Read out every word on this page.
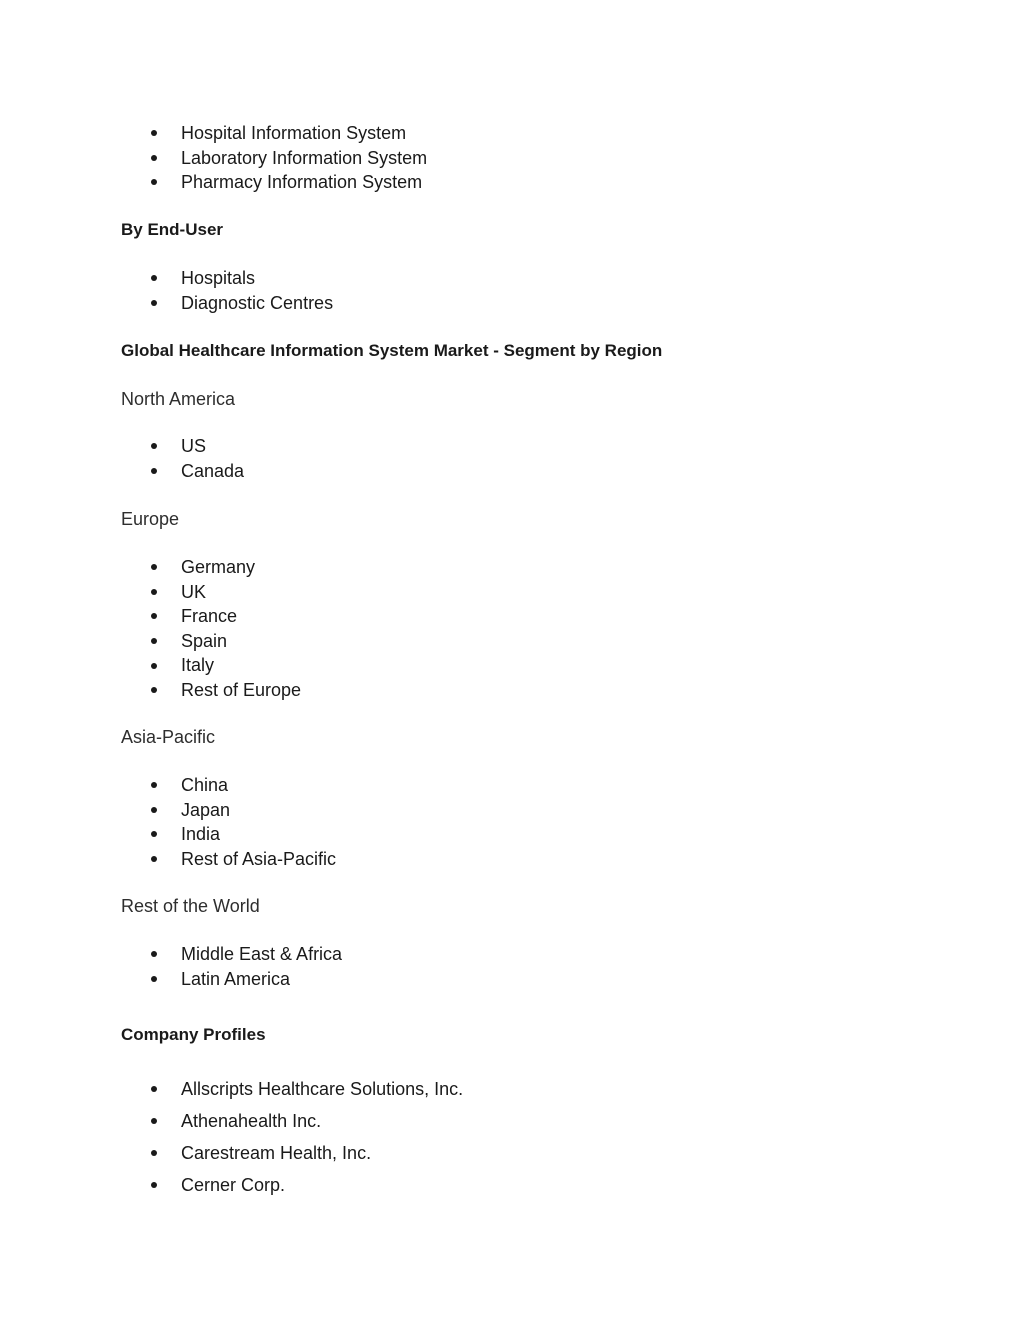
Hospital Information System
Laboratory Information System
Pharmacy Information System
By End-User
Hospitals
Diagnostic Centres
Global Healthcare Information System Market - Segment by Region
North America
US
Canada
Europe
Germany
UK
France
Spain
Italy
Rest of Europe
Asia-Pacific
China
Japan
India
Rest of Asia-Pacific
Rest of the World
Middle East & Africa
Latin America
Company Profiles
Allscripts Healthcare Solutions, Inc.
Athenahealth Inc.
Carestream Health, Inc.
Cerner Corp.
